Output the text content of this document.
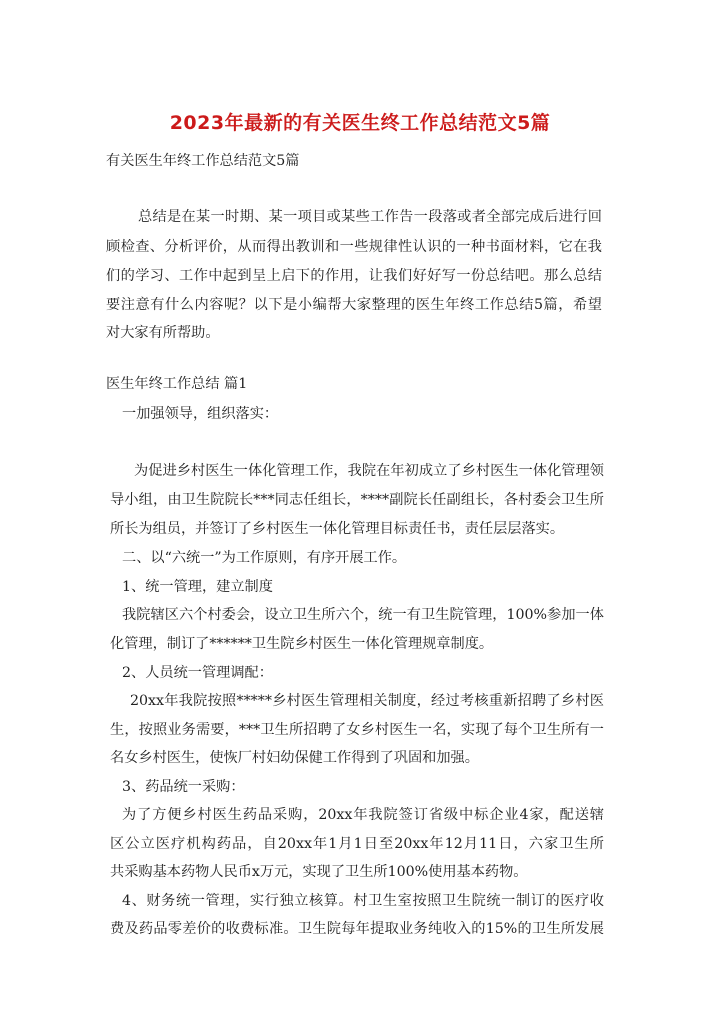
2023年最新的有关医生终工作总结范文5篇
有关医生年终工作总结范文5篇
总结是在某一时期、某一项目或某些工作告一段落或者全部完成后进行回
顾检查、分析评价，从而得出教训和一些规律性认识的一种书面材料，它在我
们的学习、工作中起到呈上启下的作用，让我们好好写一份总结吧。那么总结
要注意有什么内容呢？以下是小编帮大家整理的医生年终工作总结5篇，希望
对大家有所帮助。
医生年终工作总结 篇1
一加强领导，组织落实：
为促进乡村医生一体化管理工作，我院在年初成立了乡村医生一体化管理领
导小组，由卫生院院长***同志任组长，****副院长任副组长，各村委会卫生所
所长为组员，并签订了乡村医生一体化管理目标责任书，责任层层落实。
二、以“六统一”为工作原则，有序开展工作。
1、统一管理，建立制度
我院辖区六个村委会，设立卫生所六个，统一有卫生院管理，100%参加一体
化管理，制订了******卫生院乡村医生一体化管理规章制度。
2、人员统一管理调配：
20xx年我院按照*****乡村医生管理相关制度，经过考核重新招聘了乡村医
生，按照业务需要，***卫生所招聘了女乡村医生一名，实现了每个卫生所有一
名女乡村医生，使恢厂村妇幼保健工作得到了巩固和加强。
3、药品统一采购：
为了方便乡村医生药品采购，20xx年我院签订省级中标企业4家，配送辖
区公立医疗机构药品，自20xx年1月1日至20xx年12月11日，六家卫生所
共采购基本药物人民币x万元，实现了卫生所100%使用基本药物。
4、财务统一管理，实行独立核算。村卫生室按照卫生院统一制订的医疗收
费及药品零差价的收费标准。卫生院每年提取业务纯收入的15%的卫生所发展
